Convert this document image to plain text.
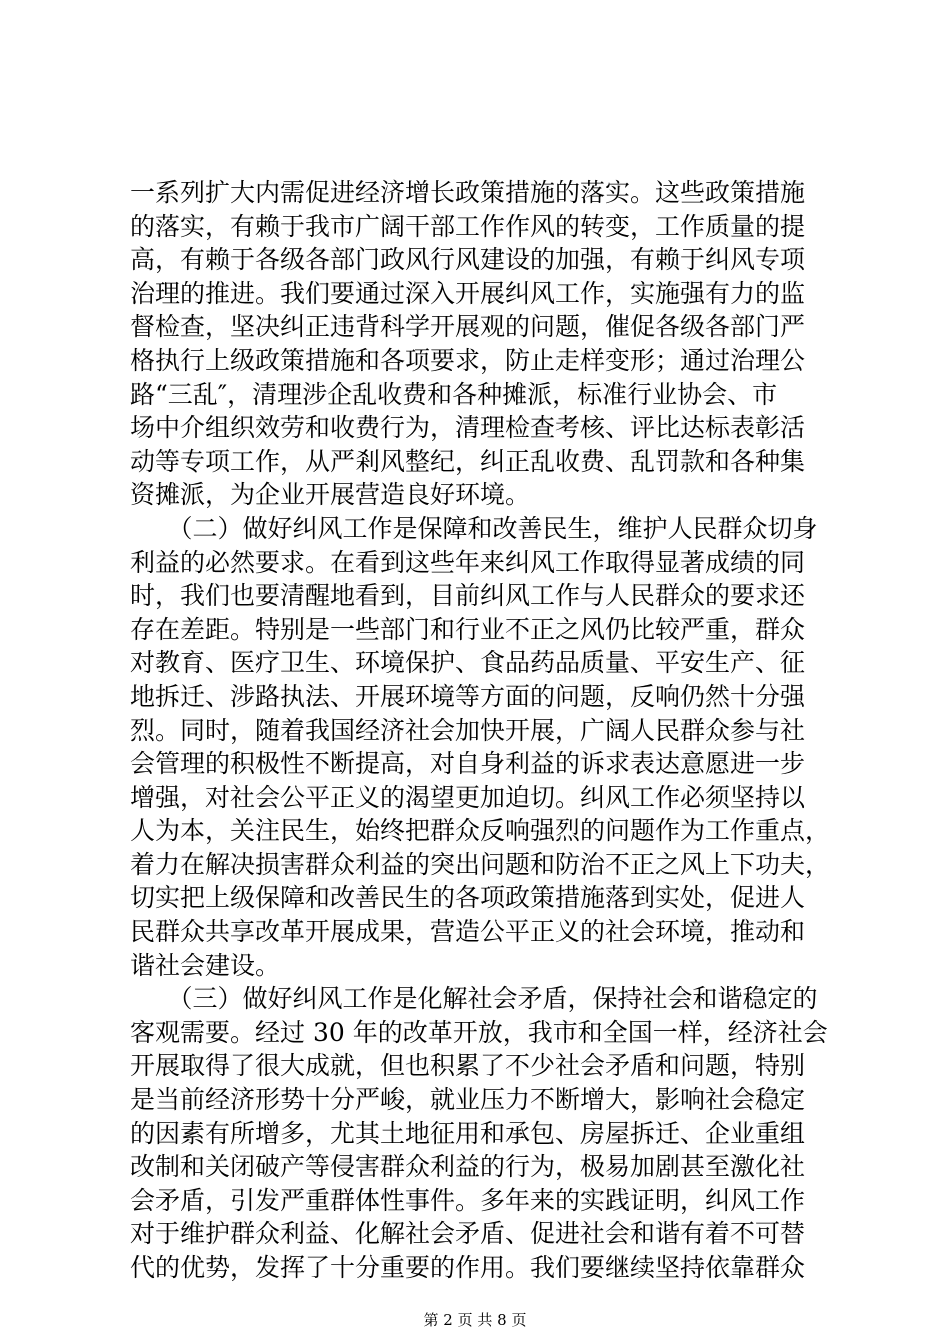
一系列扩大内需促进经济增长政策措施的落实。这些政策措施
的落实，有赖于我市广阔干部工作作风的转变，工作质量的提
高，有赖于各级各部门政风行风建设的加强，有赖于纠风专项
治理的推进。我们要通过深入开展纠风工作，实施强有力的监
督检查，坚决纠正违背科学开展观的问题，催促各级各部门严
格执行上级政策措施和各项要求，防止走样变形；通过治理公
路“三乱″，清理涉企乱收费和各种摊派，标准行业协会、市
场中介组织效劳和收费行为，清理检查考核、评比达标表彰活
动等专项工作，从严剎风整纪，纠正乱收费、乱罚款和各种集
资摊派，为企业开展营造良好环境。
　　（二）做好纠风工作是保障和改善民生，维护人民群众切身
利益的必然要求。在看到这些年来纠风工作取得显著成绩的同
时，我们也要清醒地看到，目前纠风工作与人民群众的要求还
存在差距。特别是一些部门和行业不正之风仍比较严重，群众
对教育、医疗卫生、环境保护、食品药品质量、平安生产、征
地拆迁、涉路执法、开展环境等方面的问题，反响仍然十分强
烈。同时，随着我国经济社会加快开展，广阔人民群众参与社
会管理的积极性不断提高，对自身利益的诉求表达意愿进一步
增强，对社会公平正义的渴望更加迫切。纠风工作必须坚持以
人为本，关注民生，始终把群众反响强烈的问题作为工作重点，
着力在解决损害群众利益的突出问题和防治不正之风上下功夫，
切实把上级保障和改善民生的各项政策措施落到实处，促进人
民群众共享改革开展成果，营造公平正义的社会环境，推动和
谐社会建设。
　　（三）做好纠风工作是化解社会矛盾，保持社会和谐稳定的
客观需要。经过 30 年的改革开放，我市和全国一样，经济社会
开展取得了很大成就，但也积累了不少社会矛盾和问题，特别
是当前经济形势十分严峻，就业压力不断增大，影响社会稳定
的因素有所增多，尤其土地征用和承包、房屋拆迁、企业重组
改制和关闭破产等侵害群众利益的行为，极易加剧甚至激化社
会矛盾，引发严重群体性事件。多年来的实践证明，纠风工作
对于维护群众利益、化解社会矛盾、促进社会和谐有着不可替
代的优势，发挥了十分重要的作用。我们要继续坚持依靠群众
第 2 页 共 8 页
